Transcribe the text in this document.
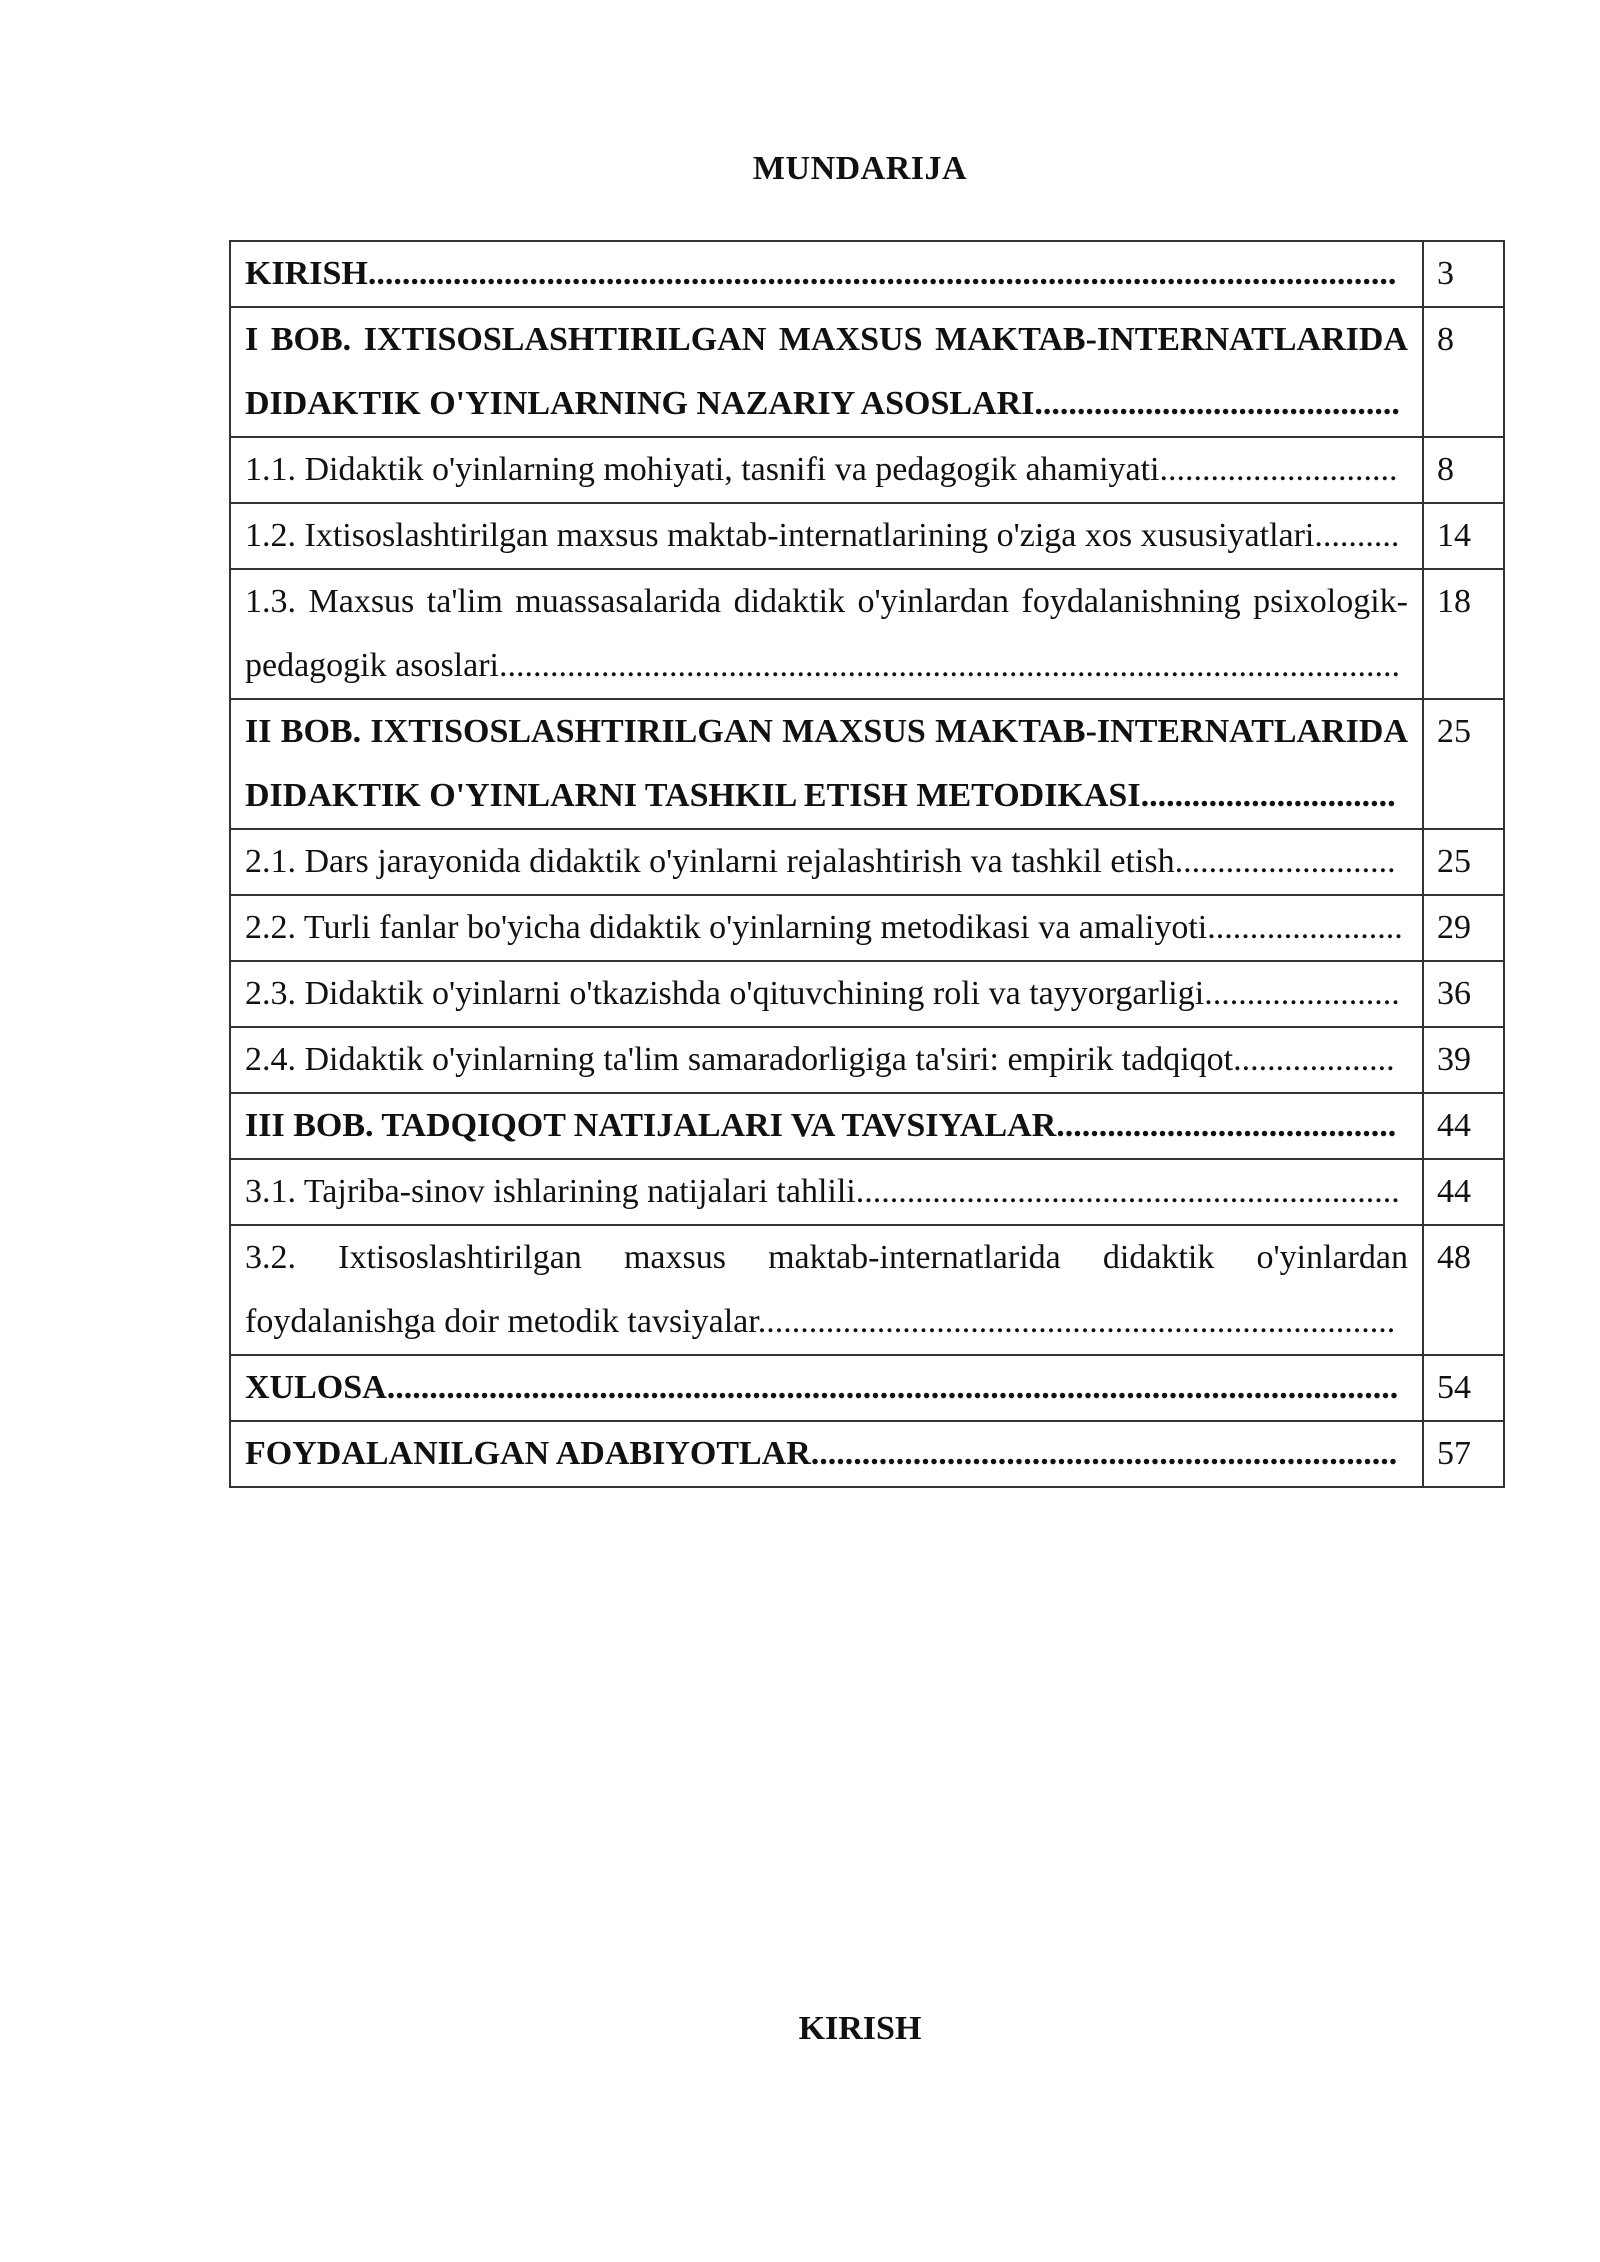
MUNDARIJA
KIRISH.........................................................................................................................	3

I BOB. IXTISOSLASHTIRILGAN MAXSUS MAKTAB-INTERNATLARIDA DIDAKTIK O'YINLARNING NAZARIY ASOSLARI...........................................	8

1.1. Didaktik o'yinlarning mohiyati, tasnifi va pedagogik ahamiyati............................	8

1.2. Ixtisoslashtirilgan maxsus maktab-internatlarining o'ziga xos xususiyatlari..........	14

1.3. Maxsus ta'lim muassasalarida didaktik o'yinlardan foydalanishning psixologik-pedagogik asoslari..........................................................................................................	18

II BOB. IXTISOSLASHTIRILGAN MAXSUS MAKTAB-INTERNATLARIDA DIDAKTIK O'YINLARNI TASHKIL ETISH METODIKASI..............................	25

2.1. Dars jarayonida didaktik o'yinlarni rejalashtirish va tashkil etish..........................	25

2.2. Turli fanlar bo'yicha didaktik o'yinlarning metodikasi va amaliyoti.......................	29

2.3. Didaktik o'yinlarni o'tkazishda o'qituvchining roli va tayyorgarligi.......................	36

2.4. Didaktik o'yinlarning ta'lim samaradorligiga ta'siri: empirik tadqiqot...................	39

III BOB. TADQIQOT NATIJALARI VA TAVSIYALAR........................................	44

3.1. Tajriba-sinov ishlarining natijalari tahlili................................................................	44

3.2. Ixtisoslashtirilgan maxsus maktab-internatlarida didaktik o'yinlardan foydalanishga doir metodik tavsiyalar...........................................................................	48

XULOSA.......................................................................................................................	54

FOYDALANILGAN ADABIYOTLAR.....................................................................	57
KIRISH
